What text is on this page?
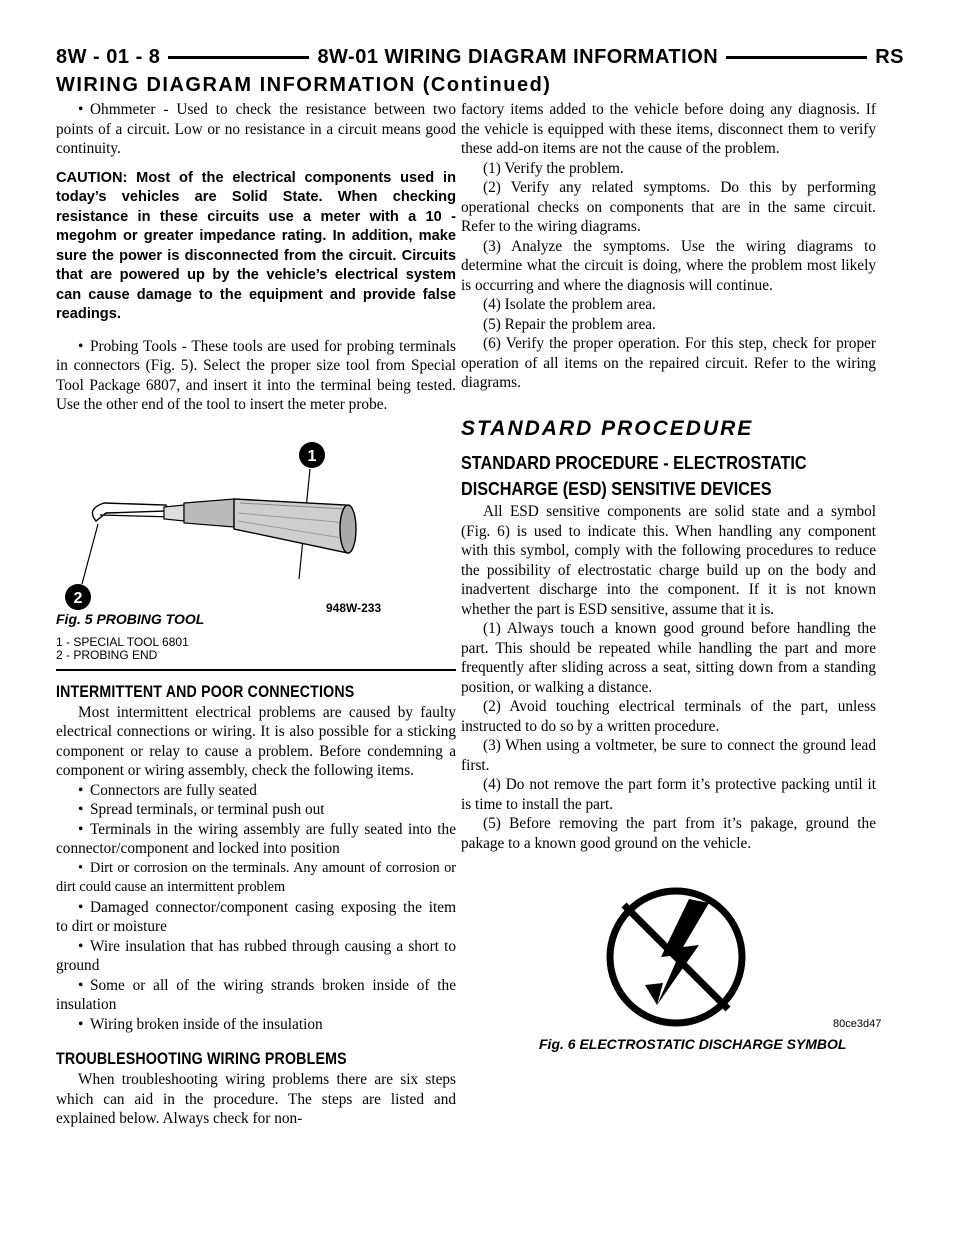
8W - 01 - 8	8W-01 WIRING DIAGRAM INFORMATION	RS
WIRING DIAGRAM INFORMATION (Continued)

• Ohmmeter - Used to check the resistance between two points of a circuit. Low or no resistance in a circuit means good continuity.

CAUTION: Most of the electrical components used in today’s vehicles are Solid State. When checking resistance in these circuits use a meter with a 10 - megohm or greater impedance rating. In addition, make sure the power is disconnected from the circuit. Circuits that are powered up by the vehicle’s electrical system can cause damage to the equipment and provide false readings.

• Probing Tools - These tools are used for probing terminals in connectors (Fig. 5). Select the proper size tool from Special Tool Package 6807, and insert it into the terminal being tested. Use the other end of the tool to insert the meter probe.

1
2
948W-233
Fig. 5 PROBING TOOL
1 - SPECIAL TOOL 6801
2 - PROBING END
INTERMITTENT AND POOR CONNECTIONS

Most intermittent electrical problems are caused by faulty electrical connections or wiring. It is also possible for a sticking component or relay to cause a problem. Before condemning a component or wiring assembly, check the following items.

• Connectors are fully seated

• Spread terminals, or terminal push out

• Terminals in the wiring assembly are fully seated into the connector/component and locked into position

• Dirt or corrosion on the terminals. Any amount of corrosion or dirt could cause an intermittent problem

• Damaged connector/component casing exposing the item to dirt or moisture

• Wire insulation that has rubbed through causing a short to ground

• Some or all of the wiring strands broken inside of the insulation

• Wiring broken inside of the insulation

TROUBLESHOOTING WIRING PROBLEMS

When troubleshooting wiring problems there are six steps which can aid in the procedure. The steps are listed and explained below. Always check for non-

factory items added to the vehicle before doing any diagnosis. If the vehicle is equipped with these items, disconnect them to verify these add-on items are not the cause of the problem.

(1) Verify the problem.

(2) Verify any related symptoms. Do this by performing operational checks on components that are in the same circuit. Refer to the wiring diagrams.

(3) Analyze the symptoms. Use the wiring diagrams to determine what the circuit is doing, where the problem most likely is occurring and where the diagnosis will continue.

(4) Isolate the problem area.

(5) Repair the problem area.

(6) Verify the proper operation. For this step, check for proper operation of all items on the repaired circuit. Refer to the wiring diagrams.

STANDARD PROCEDURE
STANDARD PROCEDURE - ELECTROSTATIC
DISCHARGE (ESD) SENSITIVE DEVICES

All ESD sensitive components are solid state and a symbol (Fig. 6) is used to indicate this. When handling any component with this symbol, comply with the following procedures to reduce the possibility of electrostatic charge build up on the body and inadvertent discharge into the component. If it is not known whether the part is ESD sensitive, assume that it is.

(1) Always touch a known good ground before handling the part. This should be repeated while handling the part and more frequently after sliding across a seat, sitting down from a standing position, or walking a distance.

(2) Avoid touching electrical terminals of the part, unless instructed to do so by a written procedure.

(3) When using a voltmeter, be sure to connect the ground lead first.

(4) Do not remove the part form it’s protective packing until it is time to install the part.

(5) Before removing the part from it’s pakage, ground the pakage to a known good ground on the vehicle.

80ce3d47
Fig. 6 ELECTROSTATIC DISCHARGE SYMBOL
